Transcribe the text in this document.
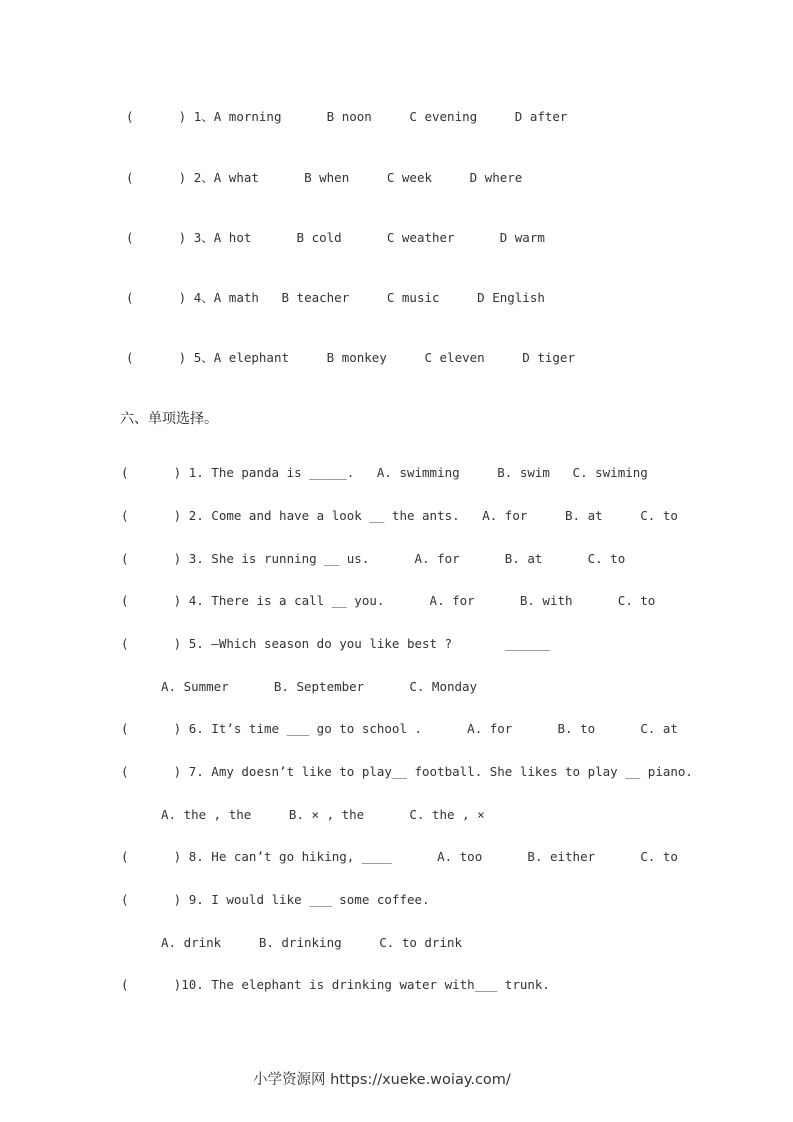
(      ) 1、A morning      B noon     C evening     D after
(      ) 2、A what      B when     C week     D where
(      ) 3、A hot      B cold      C weather      D warm
(      ) 4、A math   B teacher     C music     D English
(      ) 5、A elephant     B monkey     C eleven     D tiger
六、单项选择。
(      ) 1. The panda is _____.   A. swimming     B. swim   C. swiming
(      ) 2. Come and have a look __ the ants.   A. for     B. at     C. to
(      ) 3. She is running __ us.      A. for      B. at      C. to
(      ) 4. There is a call __ you.      A. for      B. with      C. to
(      ) 5. —Which season do you like best ?       ______
A. Summer      B. September      C. Monday
(      ) 6. It’s time ___ go to school .      A. for      B. to      C. at
(      ) 7. Amy doesn’t like to play__ football. She likes to play __ piano.
A. the , the     B. × , the      C. the , ×
(      ) 8. He can’t go hiking, ____      A. too      B. either      C. to
(      ) 9. I would like ___ some coffee.
A. drink     B. drinking     C. to drink
(      )10. The elephant is drinking water with___ trunk.
小学资源网 https://xueke.woiay.com/
